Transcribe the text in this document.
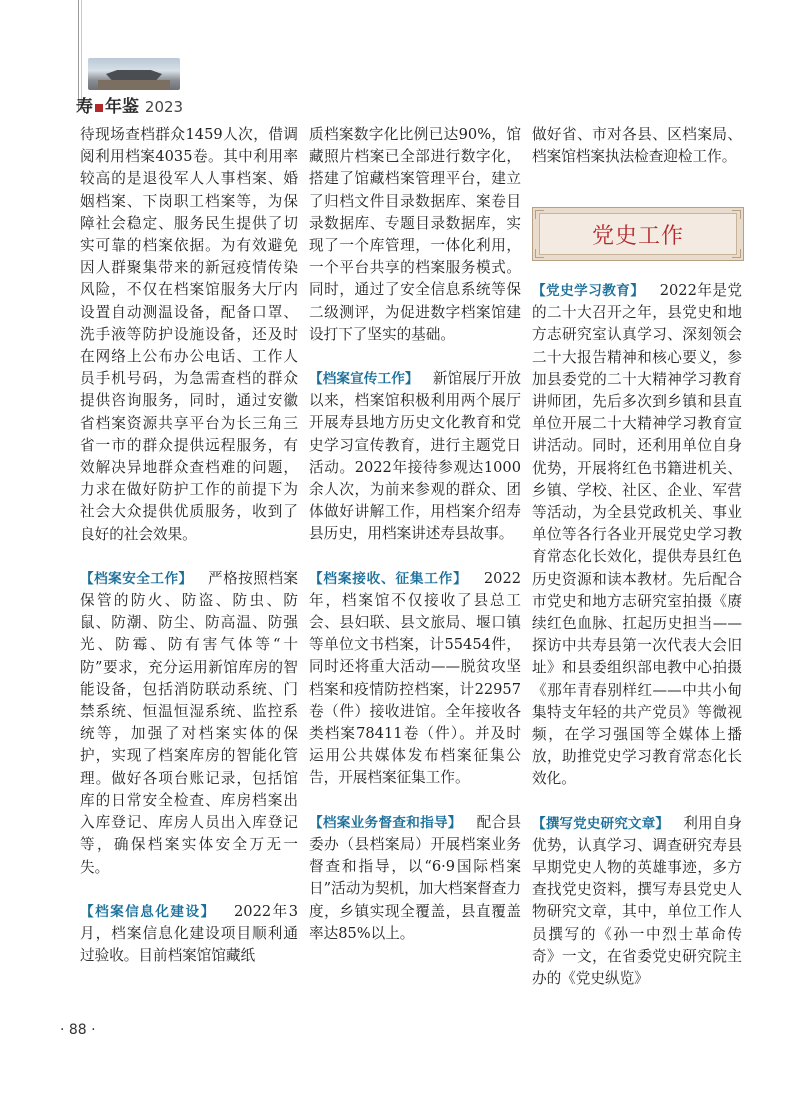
寿 年鉴 2023

待现场查档群众1459人次，借调阅利用档案4035卷。其中利用率较高的是退役军人人事档案、婚姻档案、下岗职工档案等，为保障社会稳定、服务民生提供了切实可靠的档案依据。为有效避免因人群聚集带来的新冠疫情传染风险，不仅在档案馆服务大厅内设置自动测温设备，配备口罩、洗手液等防护设施设备，还及时在网络上公布办公电话、工作人员手机号码，为急需查档的群众提供咨询服务，同时，通过安徽省档案资源共享平台为长三角三省一市的群众提供远程服务，有效解决异地群众查档难的问题，力求在做好防护工作的前提下为社会大众提供优质服务，收到了良好的社会效果。

【档案安全工作】 严格按照档案保管的防火、防盗、防虫、防鼠、防潮、防尘、防高温、防强光、防霉、防有害气体等“十防”要求，充分运用新馆库房的智能设备，包括消防联动系统、门禁系统、恒温恒湿系统、监控系统等，加强了对档案实体的保护，实现了档案库房的智能化管理。做好各项台账记录，包括馆库的日常安全检查、库房档案出入库登记、库房人员出入库登记等，确保档案实体安全万无一失。

【档案信息化建设】 2022年3月，档案信息化建设项目顺利通过验收。目前档案馆馆藏纸

质档案数字化比例已达90%，馆藏照片档案已全部进行数字化，搭建了馆藏档案管理平台，建立了归档文件目录数据库、案卷目录数据库、专题目录数据库，实现了一个库管理，一体化利用，一个平台共享的档案服务模式。同时，通过了安全信息系统等保二级测评，为促进数字档案馆建设打下了坚实的基础。

【档案宣传工作】 新馆展厅开放以来，档案馆积极利用两个展厅开展寿县地方历史文化教育和党史学习宣传教育，进行主题党日活动。2022年接待参观达1000余人次，为前来参观的群众、团体做好讲解工作，用档案介绍寿县历史，用档案讲述寿县故事。

【档案接收、征集工作】 2022年，档案馆不仅接收了县总工会、县妇联、县文旅局、堰口镇等单位文书档案，计55454件，同时还将重大活动——脱贫攻坚档案和疫情防控档案，计22957卷（件）接收进馆。全年接收各类档案78411卷（件）。并及时运用公共媒体发布档案征集公告，开展档案征集工作。

【档案业务督查和指导】 配合县委办（县档案局）开展档案业务督查和指导，以“6·9国际档案日”活动为契机，加大档案督查力度，乡镇实现全覆盖，县直覆盖率达85%以上。

做好省、市对各县、区档案局、档案馆档案执法检查迎检工作。

【党史学习教育】 2022年是党的二十大召开之年，县党史和地方志研究室认真学习、深刻领会二十大报告精神和核心要义，参加县委党的二十大精神学习教育讲师团，先后多次到乡镇和县直单位开展二十大精神学习教育宣讲活动。同时，还利用单位自身优势，开展将红色书籍进机关、乡镇、学校、社区、企业、军营等活动，为全县党政机关、事业单位等各行各业开展党史学习教育常态化长效化，提供寿县红色历史资源和读本教材。先后配合市党史和地方志研究室拍摄《赓续红色血脉、扛起历史担当——探访中共寿县第一次代表大会旧址》和县委组织部电教中心拍摄《那年青春别样红——中共小甸集特支年轻的共产党员》等微视频，在学习强国等全媒体上播放，助推党史学习教育常态化长效化。

【撰写党史研究文章】 利用自身优势，认真学习、调查研究寿县早期党史人物的英雄事迹，多方查找党史资料，撰写寿县党史人物研究文章，其中，单位工作人员撰写的《孙一中烈士革命传奇》一文，在省委党史研究院主办的《党史纵览》

党史工作
· 88 ·
